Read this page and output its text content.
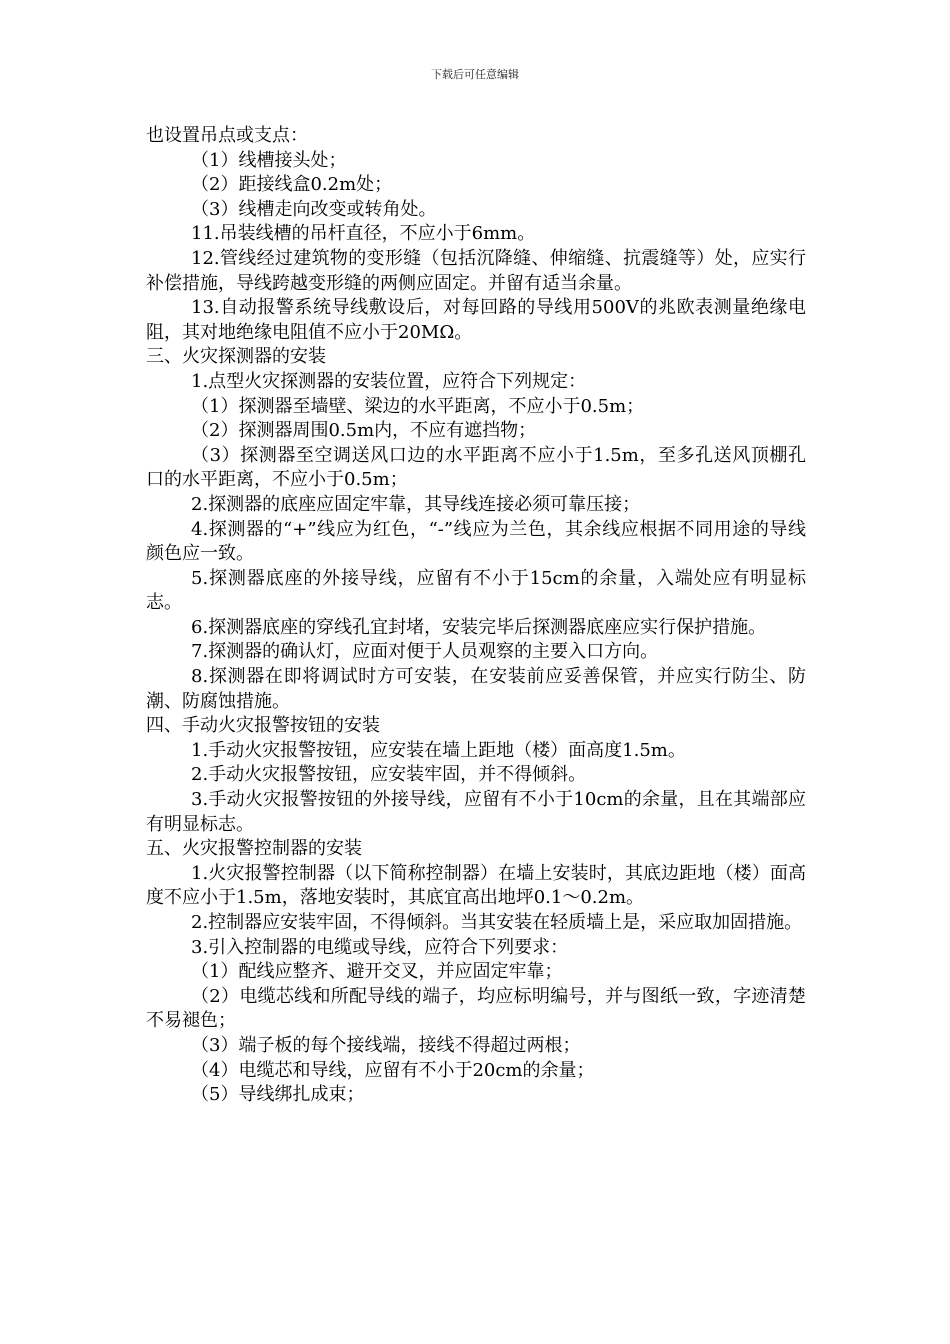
下载后可任意编辑

也设置吊点或支点：

（1）线槽接头处；

（2）距接线盒0.2m处；

（3）线槽走向改变或转角处。

11.吊装线槽的吊杆直径，不应小于6mm。

12.管线经过建筑物的变形缝（包括沉降缝、伸缩缝、抗震缝等）处，应实行补偿措施，导线跨越变形缝的两侧应固定。并留有适当余量。

13.自动报警系统导线敷设后，对每回路的导线用500V的兆欧表测量绝缘电阻，其对地绝缘电阻值不应小于20MΩ。

三、火灾探测器的安装

1.点型火灾探测器的安装位置，应符合下列规定：

（1）探测器至墙壁、梁边的水平距离，不应小于0.5m；

（2）探测器周围0.5m内，不应有遮挡物；

（3）探测器至空调送风口边的水平距离不应小于1.5m，至多孔送风顶棚孔口的水平距离，不应小于0.5m；

2.探测器的底座应固定牢靠，其导线连接必须可靠压接；

4.探测器的“+”线应为红色，“-”线应为兰色，其余线应根据不同用途的导线颜色应一致。

5.探测器底座的外接导线，应留有不小于15cm的余量，入端处应有明显标志。

6.探测器底座的穿线孔宜封堵，安装完毕后探测器底座应实行保护措施。

7.探测器的确认灯，应面对便于人员观察的主要入口方向。

8.探测器在即将调试时方可安装，在安装前应妥善保管，并应实行防尘、防潮、防腐蚀措施。

四、手动火灾报警按钮的安装

1.手动火灾报警按钮，应安装在墙上距地（楼）面高度1.5m。

2.手动火灾报警按钮，应安装牢固，并不得倾斜。

3.手动火灾报警按钮的外接导线，应留有不小于10cm的余量，且在其端部应有明显标志。

五、火灾报警控制器的安装

1.火灾报警控制器（以下简称控制器）在墙上安装时，其底边距地（楼）面高度不应小于1.5m，落地安装时，其底宜高出地坪0.1～0.2m。

2.控制器应安装牢固，不得倾斜。当其安装在轻质墙上是，采应取加固措施。

3.引入控制器的电缆或导线，应符合下列要求：

（1）配线应整齐、避开交叉，并应固定牢靠；

（2）电缆芯线和所配导线的端子，均应标明编号，并与图纸一致，字迹清楚不易褪色；

（3）端子板的每个接线端，接线不得超过两根；

（4）电缆芯和导线，应留有不小于20cm的余量；

（5）导线绑扎成束；
